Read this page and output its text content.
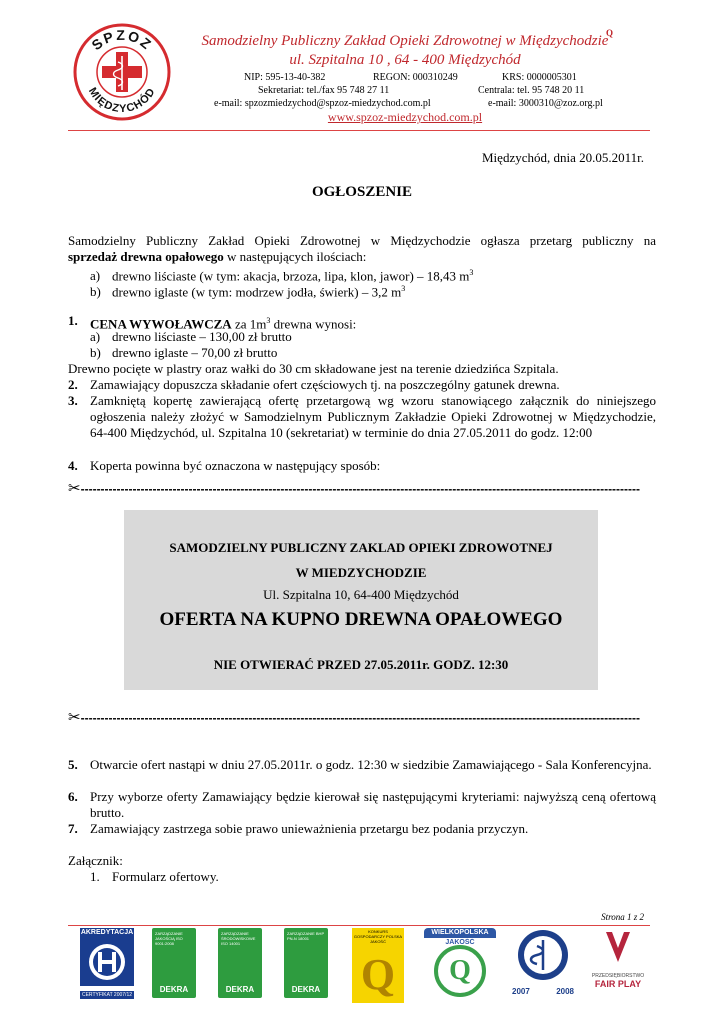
SPZOZ
MIĘDZYCHÓD
Samodzielny Publiczny Zakład Opieki Zdrowotnej w Międzychodzie
Q
ul. Szpitalna 10 , 64 - 400 Międzychód
NIP: 595-13-40-382	REGON: 000310249	KRS: 0000005301
Sekretariat: tel./fax 95 748 27 11	Centrala: tel. 95 748 20 11
e-mail: spzozmiedzychod@spzoz-miedzychod.com.pl	e-mail: 3000310@zoz.org.pl
www.spzoz-miedzychod.com.pl
Międzychód, dnia 20.05.2011r.
OGŁOSZENIE
Samodzielny Publiczny Zakład Opieki Zdrowotnej w Międzychodzie ogłasza przetarg publiczny na
sprzedaż drewna opałowego w następujących ilościach:
a) drewno liściaste (w tym: akacja, brzoza, lipa, klon, jawor) – 18,43 $m^3$
b) drewno iglaste (w tym: modrzew jodła, świerk) – 3,2 $m^3$
1. CENA WYWOŁAWCZA za $1m^3$ drewna wynosi:
a) drewno liściaste – 130,00 zł brutto
b) drewno iglaste – 70,00 zł brutto
Drewno pocięte w plastry oraz wałki do 30 cm składowane jest na terenie dziedzińca Szpitala.
2. Zamawiający dopuszcza składanie ofert częściowych tj. na poszczególny gatunek drewna.
3. Zamkniętą kopertę zawierającą ofertę przetargową wg wzoru stanowiącego załącznik do niniejszego ogłoszenia należy złożyć w Samodzielnym Publicznym Zakładzie Opieki Zdrowotnej w Międzychodzie, 64-400 Międzychód, ul. Szpitalna 10 (sekretariat) w terminie do dnia 27.05.2011 do godz. 12:00
4. Koperta powinna być oznaczona w następujący sposób:
✂--------------------------------------------------------------------------------------------------------------------------------------------
SAMODZIELNY PUBLICZNY ZAKLAD OPIEKI ZDROWOTNEJ
W MIEDZYCHODZIE
Ul. Szpitalna 10, 64-400 Międzychód
OFERTA NA KUPNO DREWNA OPAŁOWEGO
NIE OTWIERAĆ PRZED 27.05.2011r. GODZ. 12:30
✂--------------------------------------------------------------------------------------------------------------------------------------------
5. Otwarcie ofert nastąpi w dniu 27.05.2011r. o godz. 12:30 w siedzibie Zamawiającego - Sala Konferencyjna.
6. Przy wyborze oferty Zamawiający będzie kierował się następującymi kryteriami: najwyższą ceną ofertową brutto.
7. Zamawiający zastrzega sobie prawo unieważnienia przetargu bez podania przyczyn.
Załącznik:
1. Formularz ofertowy.
Strona 1 z 2
AKREDYTACJA
CERTYFIKAT 2007/12
ZARZĄDZANIE JAKOŚCIĄ ISO 9001:2008
DEKRA
ZARZĄDZANIE ŚRODOWISKOWE ISO 14001
DEKRA
ZARZĄDZANIE BHP PN-N 18001
DEKRA
KONKURS GOSPODARCZY POLSKA JAKOŚĆ
Q
WIELKOPOLSKA
JAKOŚĆ
Q
2007	2008
PRZEDSIĘBIORSTWO
FAIR PLAY
